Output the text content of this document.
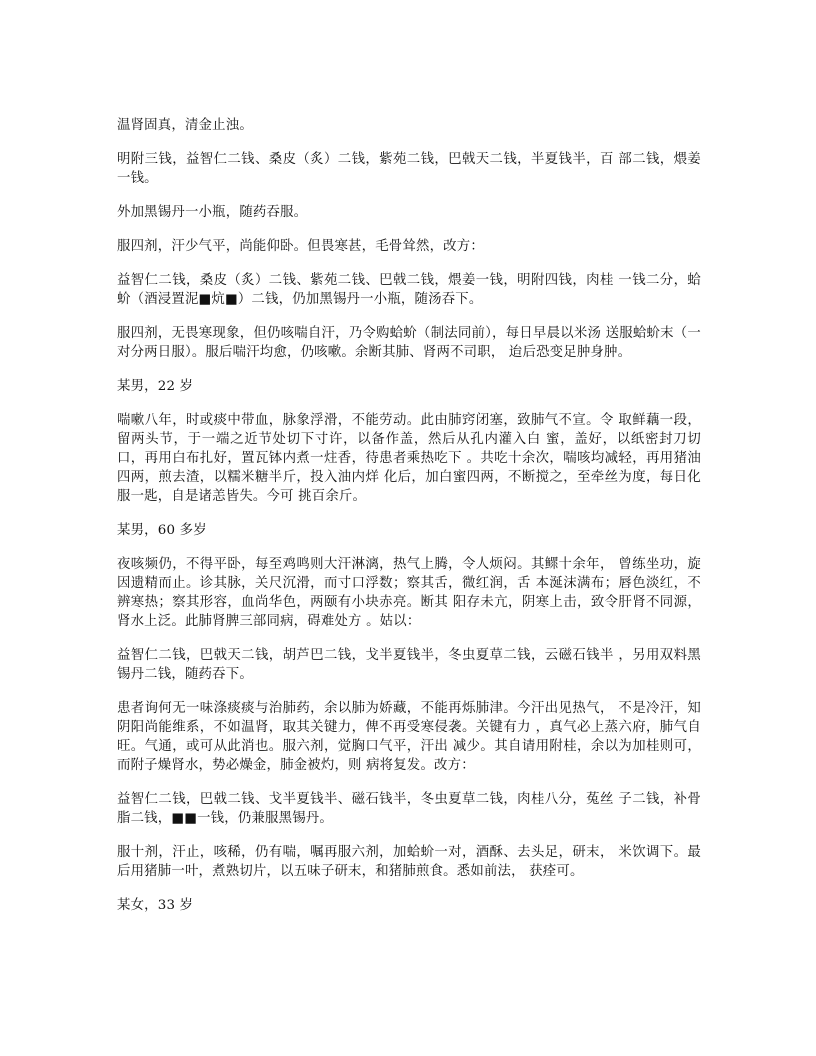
温肾固真，清金止浊。

明附三钱，益智仁二钱、桑皮（炙）二钱，紫苑二钱，巴戟天二钱，半夏钱半，百 部二钱，煨姜一钱。

外加黑锡丹一小瓶，随药吞服。

服四剂，汗少气平，尚能仰卧。但畏寒甚，毛骨耸然，改方：

益智仁二钱，桑皮（炙）二钱、紫苑二钱、巴戟二钱，煨姜一钱，明附四钱，肉桂 一钱二分，蛤蚧（酒浸置泥■炕■）二钱，仍加黑锡丹一小瓶，随汤吞下。

服四剂，无畏寒现象，但仍咳喘自汗，乃令购蛤蚧（制法同前），每日早晨以米汤 送服蛤蚧末（一对分两日服）。服后喘汗均愈，仍咳嗽。余断其肺、肾两不司职， 迨后恐变足肿身肿。

某男，22 岁

喘嗽八年，时或痰中带血，脉象浮滑，不能劳动。此由肺窍闭塞，致肺气不宣。令 取鲜藕一段，留两头节，于一端之近节处切下寸许，以备作盖，然后从孔内灌入白 蜜，盖好，以纸密封刀切口，再用白布扎好，置瓦钵内煮一炷香，待患者乘热吃下 。共吃十余次，喘咳均减轻，再用猪油四两，煎去渣，以糯米糖半斤，投入油内烊 化后，加白蜜四两，不断搅之，至牵丝为度，每日化服一匙，自是诸恙皆失。今可 挑百余斤。

某男，60 多岁

夜咳频仍，不得平卧，每至鸡鸣则大汗淋漓，热气上腾，令人烦闷。其鳏十余年， 曾练坐功，旋因遗精而止。诊其脉，关尺沉滑，而寸口浮数；察其舌，微红润，舌 本涎沫满布；唇色淡红，不辨寒热；察其形容，血尚华色，两颐有小块赤亮。断其 阳存未亢，阴寒上击，致令肝肾不同源，肾水上泛。此肺肾脾三部同病，碍难处方 。姑以：

益智仁二钱，巴戟天二钱，胡芦巴二钱，戈半夏钱半，冬虫夏草二钱，云磁石钱半 ，另用双料黑锡丹二钱，随药吞下。

患者询何无一味涤痰痰与治肺药，余以肺为娇藏，不能再烁肺津。今汗出见热气， 不是冷汗，知阴阳尚能维系，不如温肾，取其关键力，俾不再受寒侵袭。关键有力 ，真气必上蒸六府，肺气自旺。气通，或可从此消也。服六剂，觉胸口气平，汗出 减少。其自请用附桂，余以为加桂则可，而附子燥肾水，势必燥金，肺金被灼，则 病将复发。改方：

益智仁二钱，巴戟二钱、戈半夏钱半、磁石钱半，冬虫夏草二钱，肉桂八分，菟丝 子二钱，补骨脂二钱，■■一钱，仍兼服黑锡丹。

服十剂，汗止，咳稀，仍有喘，嘱再服六剂，加蛤蚧一对，酒酥、去头足，研末， 米饮调下。最后用猪肺一叶，煮熟切片，以五味子研末，和猪肺煎食。悉如前法， 获痊可。

某女，33 岁
